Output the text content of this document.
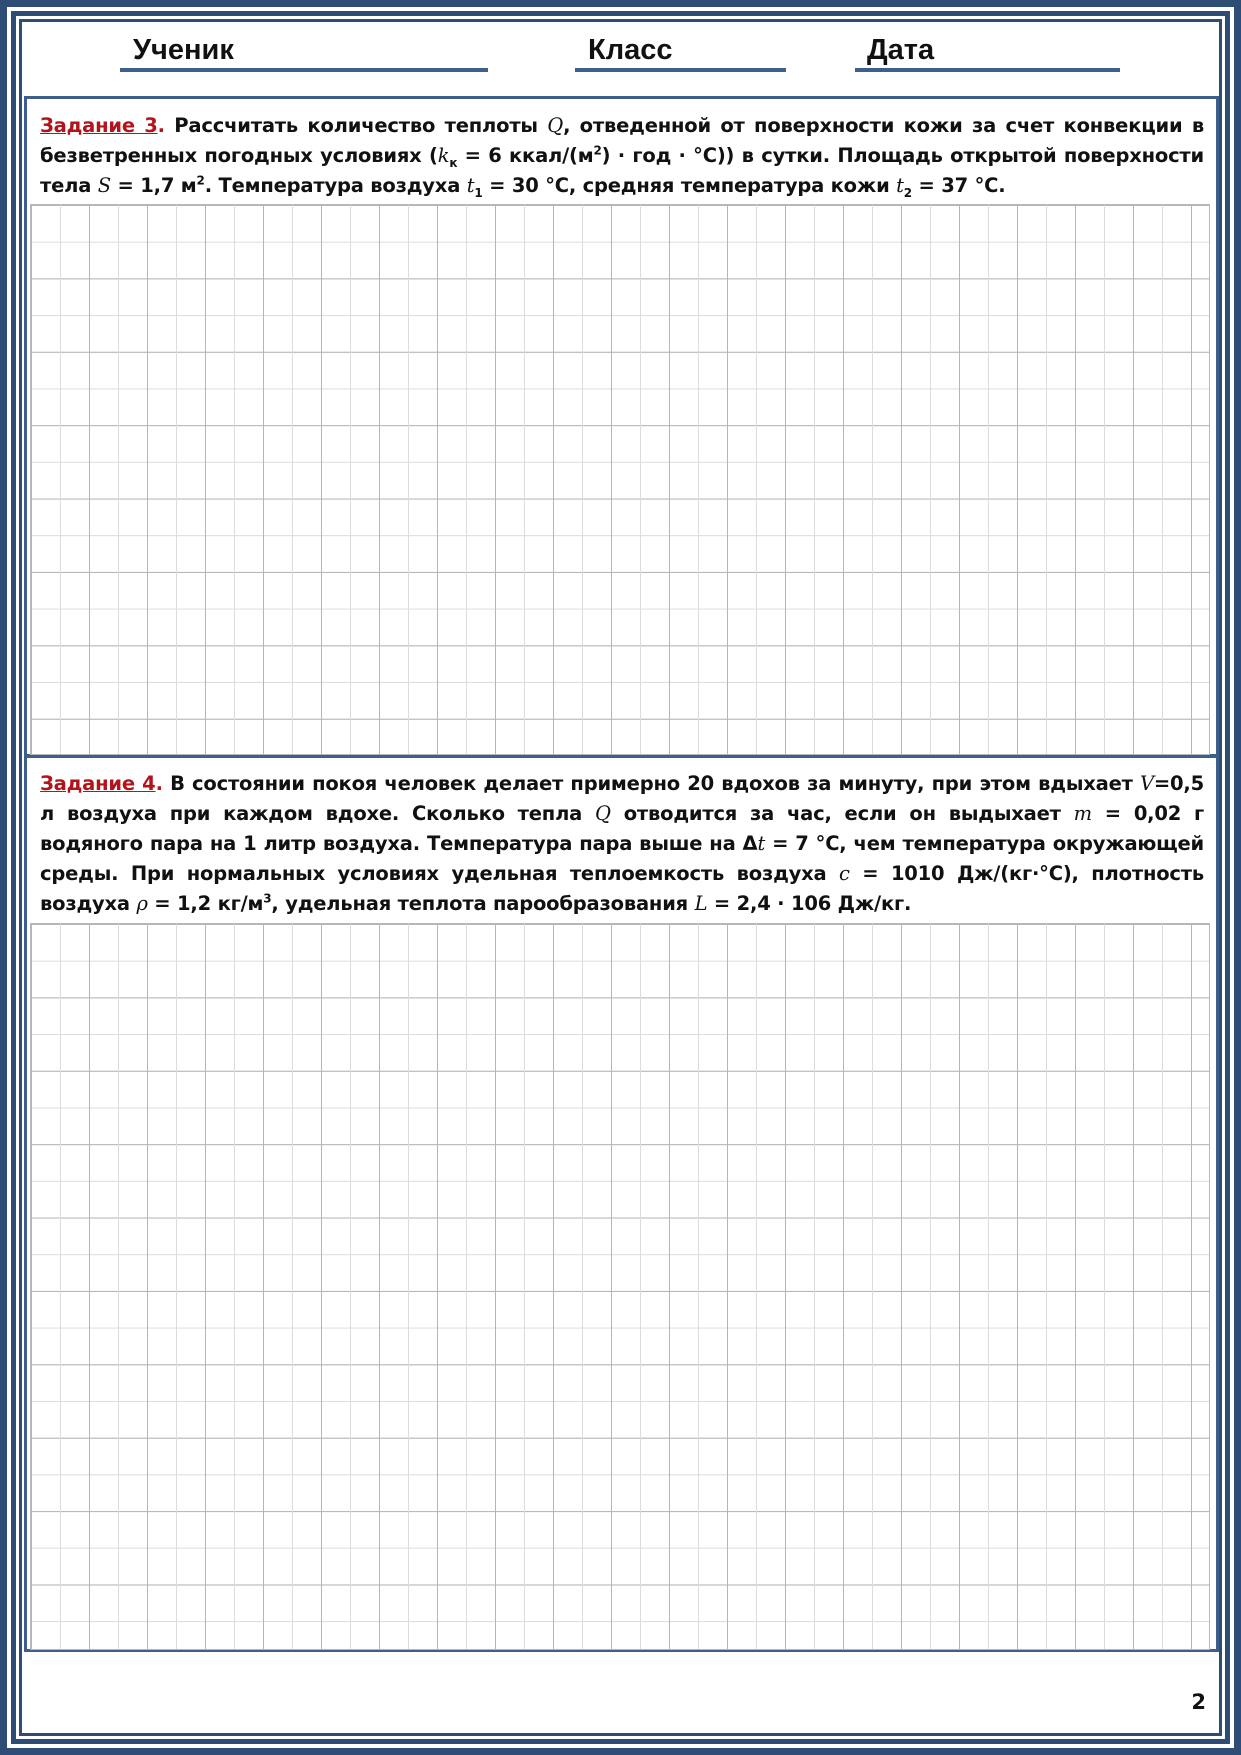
Ученик	Класс	Дата
Задание 3. Рассчитать количество теплоты Q, отведенной от поверхности кожи за счет конвекции в безветренных погодных условиях ($k_к = 6$ ккал/$(м^2)$ · год · °C)) в сутки. Площадь открытой поверхности тела S = 1,7 $м^2$. Температура воздуха $t_1 = 30$ °C, средняя температура кожи $t_2 = 37$ °C.
Задание 4. В состоянии покоя человек делает примерно 20 вдохов за минуту, при этом вдыхает V=0,5 л воздуха при каждом вдохе. Сколько тепла Q отводится за час, если он выдыхает m = 0,02 г водяного пара на 1 литр воздуха. Температура пара выше на Δt = 7 °C, чем температура окружающей среды. При нормальных условиях удельная теплоемкость воздуха c = 1010 Дж/(кг·°C), плотность воздуха ρ = 1,2 $кг/м^3$, удельная теплота парообразования L = 2,4 · 106 Дж/кг.
2
